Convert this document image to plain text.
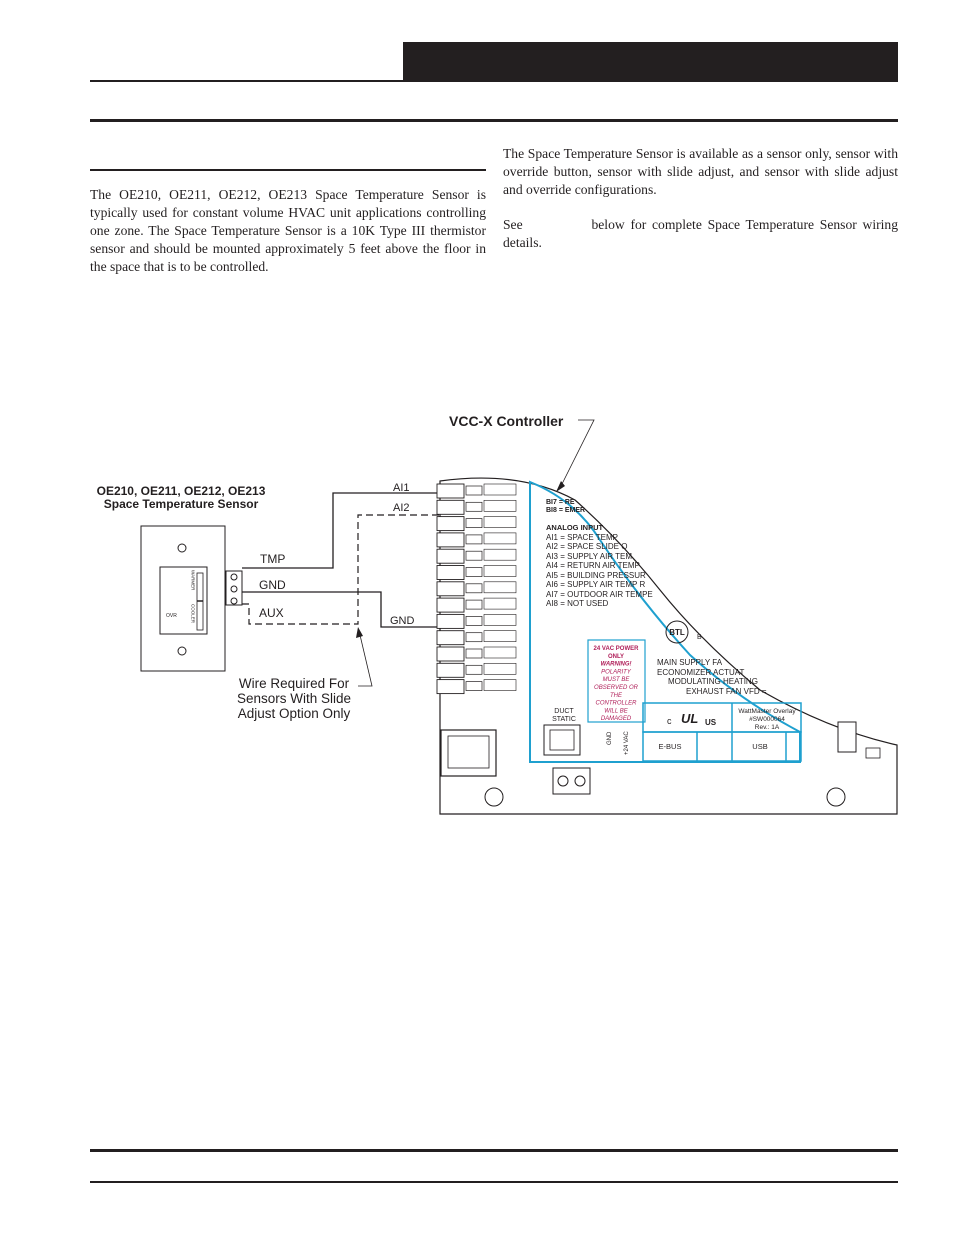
The OE210, OE211, OE212, OE213 Space Temperature Sensor is typically used for constant volume HVAC unit applications controlling one zone. The Space Temperature Sensor is a 10K Type III thermistor sensor and should be mounted approximately 5 feet above the floor in the space that is to be controlled.

The Space Temperature Sensor is available as a sensor only, sensor with override button, sensor with slide adjust, and sensor with slide adjust and override configurations.

See            below for complete Space Temperature Sensor wiring details.

VCC-X Controller
OE210, OE211, OE212, OE213
Space Temperature Sensor
OVR
WARMER
COOLER
TMP
GND
AUX
AI1
AI2
GND
Wire Required For
Sensors With Slide
Adjust Option Only
BI7 = RE
BI8 = EMER
ANALOG INPUT
AI1 = SPACE TEMP
AI2 = SPACE SLIDE O
AI3 = SUPPLY AIR TEM
AI4 = RETURN AIR TEMP
AI5 = BUILDING PRESSUR
AI6 = SUPPLY AIR TEMP R
AI7 = OUTDOOR AIR TEMPE
AI8 = NOT USED
BTL
B
MAIN SUPPLY FA
ECONOMIZER ACTUAT
MODULATING HEATING
EXHAUST FAN VFD =
24 VAC POWER
ONLY
WARNING!
POLARITY
MUST BE
OBSERVED OR
THE
CONTROLLER
WILL BE
DAMAGED	c UL US
WattMaster Overlay
#SW000064
Rev.: 1A
E-BUS	USB
DUCT
STATIC
GND +24 VAC
